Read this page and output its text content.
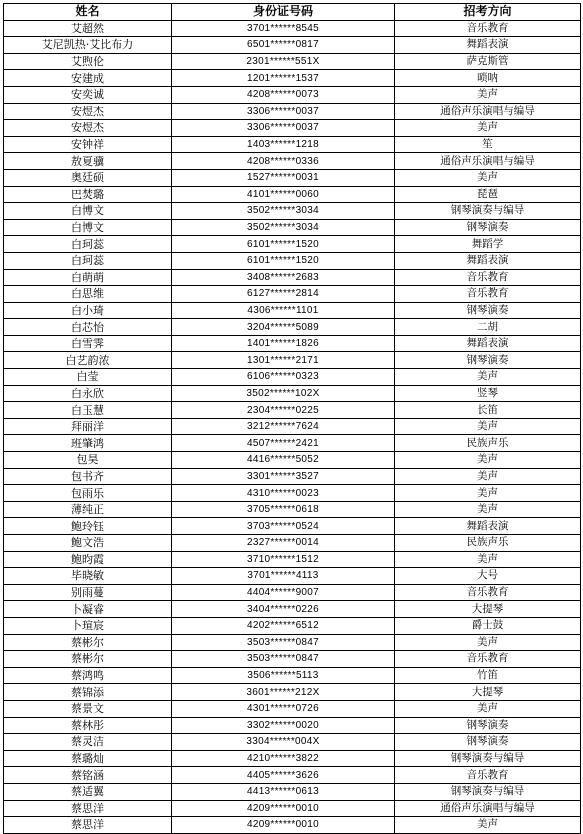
姓名	身份证号码	招考方向
艾超然	3701******8545	音乐教育
艾尼凯热·艾比布力	6501******0817	舞蹈表演
艾煦伦	2301******551X	萨克斯管
安建成	1201******1537	唢呐
安奕诚	4208******0073	美声
安煜杰	3306******0037	通俗声乐演唱与编导
安煜杰	3306******0037	美声
安钟祥	1403******1218	笙
敖夏骥	4208******0336	通俗声乐演唱与编导
奥廷硕	1527******0031	美声
巴焚璐	4101******0060	琵琶
白博文	3502******3034	钢琴演奏与编导
白博文	3502******3034	钢琴演奏
白珂蕊	6101******1520	舞蹈学
白珂蕊	6101******1520	舞蹈表演
白萌萌	3408******2683	音乐教育
白思维	6127******2814	音乐教育
白小琦	4306******1101	钢琴演奏
白芯怡	3204******5089	二胡
白雪霁	1401******1826	舞蹈表演
白艺韵浓	1301******2171	钢琴演奏
白莹	6106******0323	美声
白永欣	3502******102X	竖琴
白玉慧	2304******0225	长笛
拜丽洋	3212******7624	美声
班肇鸿	4507******2421	民族声乐
包昊	4416******5052	美声
包书齐	3301******3527	美声
包雨乐	4310******0023	美声
薄纯正	3705******0618	美声
鲍玲钰	3703******0524	舞蹈表演
鲍文浩	2327******0014	民族声乐
鲍昀霞	3710******1512	美声
毕晓敏	3701******4113	大号
别雨蔓	4404******9007	音乐教育
卜凝睿	3404******0226	大提琴
卜瑄宸	4202******6512	爵士鼓
蔡彬尔	3503******0847	美声
蔡彬尔	3503******0847	音乐教育
蔡鸿鸣	3506******5113	竹笛
蔡锦添	3601******212X	大提琴
蔡景文	4301******0726	美声
蔡林彤	3302******0020	钢琴演奏
蔡灵洁	3304******004X	钢琴演奏
蔡璐灿	4210******3822	钢琴演奏与编导
蔡铭涵	4405******3626	音乐教育
蔡适翼	4413******0613	钢琴演奏与编导
蔡思洋	4209******0010	通俗声乐演唱与编导
蔡思洋	4209******0010	美声
